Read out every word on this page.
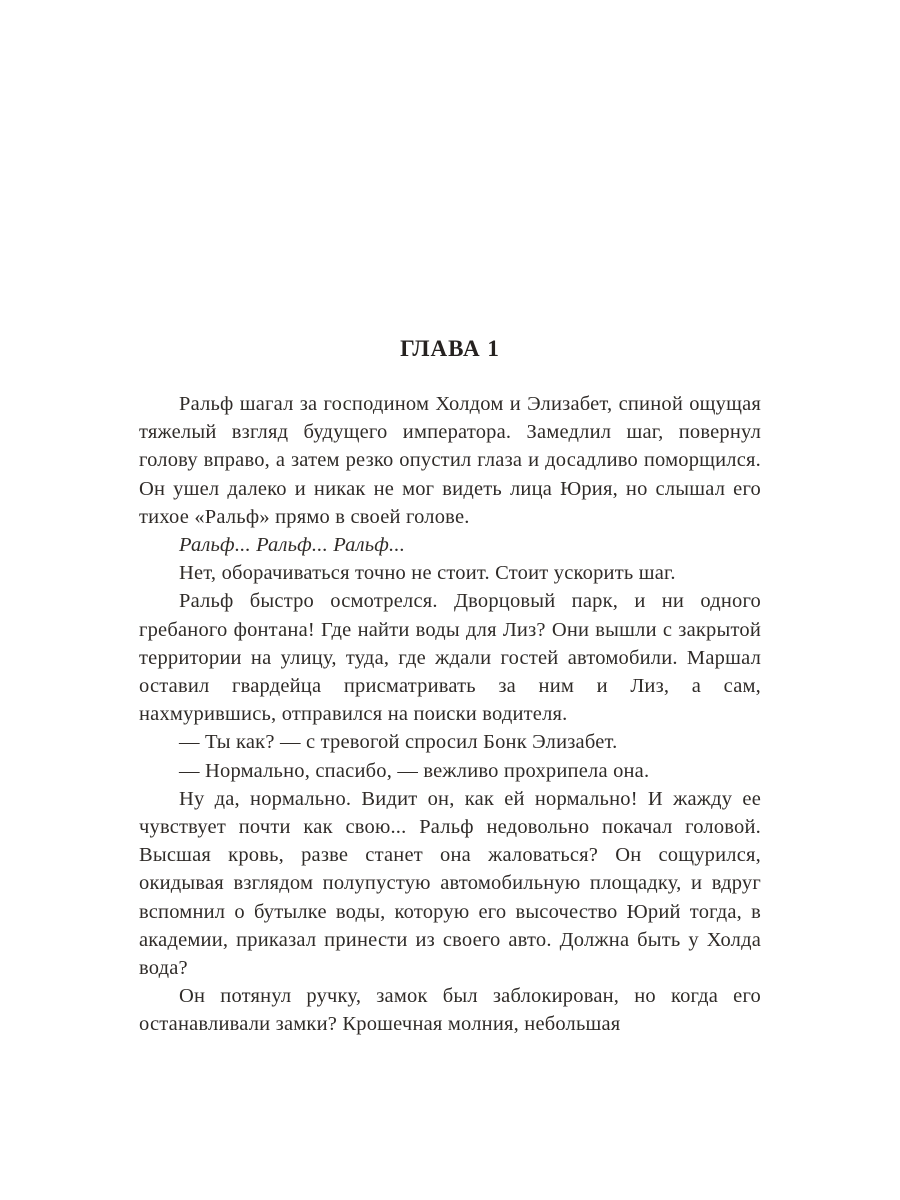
ГЛАВА 1

Ральф шагал за господином Холдом и Элизабет, спиной ощущая тяжелый взгляд будущего императора. Замедлил шаг, повернул голову вправо, а затем резко опустил глаза и досадливо поморщился. Он ушел далеко и никак не мог видеть лица Юрия, но слышал его тихое «Ральф» прямо в своей голове.

Ральф... Ральф... Ральф...

Нет, оборачиваться точно не стоит. Стоит ускорить шаг.

Ральф быстро осмотрелся. Дворцовый парк, и ни одного гребаного фонтана! Где найти воды для Лиз? Они вышли с закрытой территории на улицу, туда, где ждали гостей автомобили. Маршал оставил гвардейца присматривать за ним и Лиз, а сам, нахмурившись, отправился на поиски водителя.

— Ты как? — с тревогой спросил Бонк Элизабет.

— Нормально, спасибо, — вежливо прохрипела она.

Ну да, нормально. Видит он, как ей нормально! И жажду ее чувствует почти как свою... Ральф недовольно покачал головой. Высшая кровь, разве станет она жаловаться? Он сощурился, окидывая взглядом полупустую автомобильную площадку, и вдруг вспомнил о бутылке воды, которую его высочество Юрий тогда, в академии, приказал принести из своего авто. Должна быть у Холда вода?

Он потянул ручку, замок был заблокирован, но когда его останавливали замки? Крошечная молния, небольшая
